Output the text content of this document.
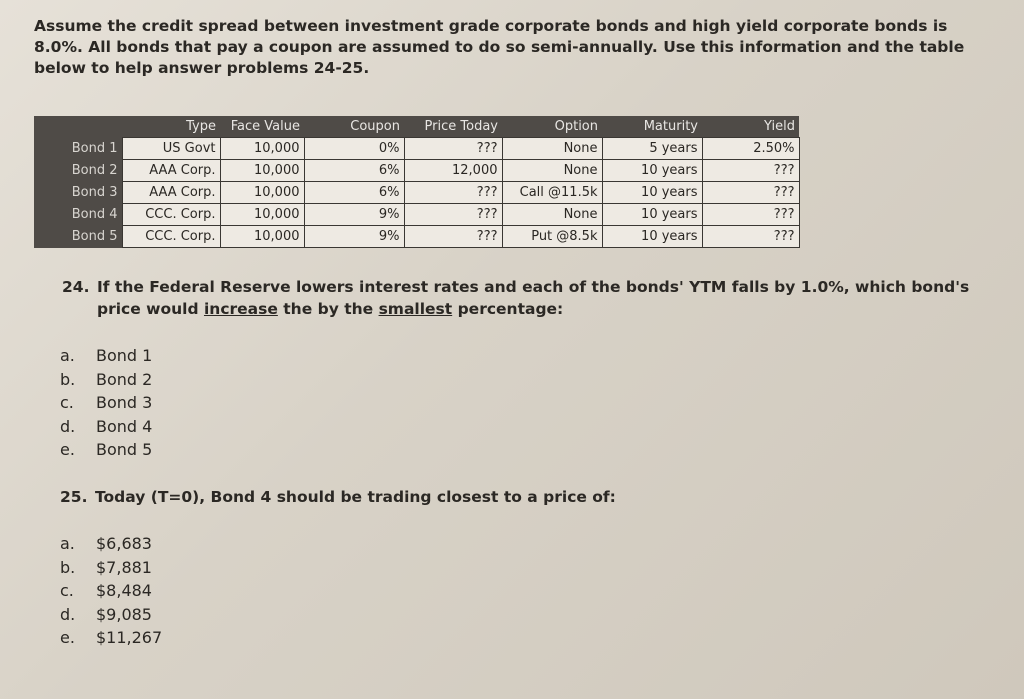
Assume the credit spread between investment grade corporate bonds and high yield corporate bonds is

8.0%. All bonds that pay a coupon are assumed to do so semi-annually. Use this information and the table

below to help answer problems 24-25.

	Type	Face Value	Coupon	Price Today	Option	Maturity	Yield
Bond 1	US Govt	10,000	0%	???	None	5 years	2.50%
Bond 2	AAA Corp.	10,000	6%	12,000	None	10 years	???
Bond 3	AAA Corp.	10,000	6%	???	Call @11.5k	10 years	???
Bond 4	CCC. Corp.	10,000	9%	???	None	10 years	???
Bond 5	CCC. Corp.	10,000	9%	???	Put @8.5k	10 years	???
24. If the Federal Reserve lowers interest rates and each of the bonds' YTM falls by 1.0%, which bond's
price would increase the by the smallest percentage:
a.	Bond 1
b.	Bond 2
c.	Bond 3
d.	Bond 4
e.	Bond 5
25. Today (T=0), Bond 4 should be trading closest to a price of:
a.	$6,683
b.	$7,881
c.	$8,484
d.	$9,085
e.	$11,267
